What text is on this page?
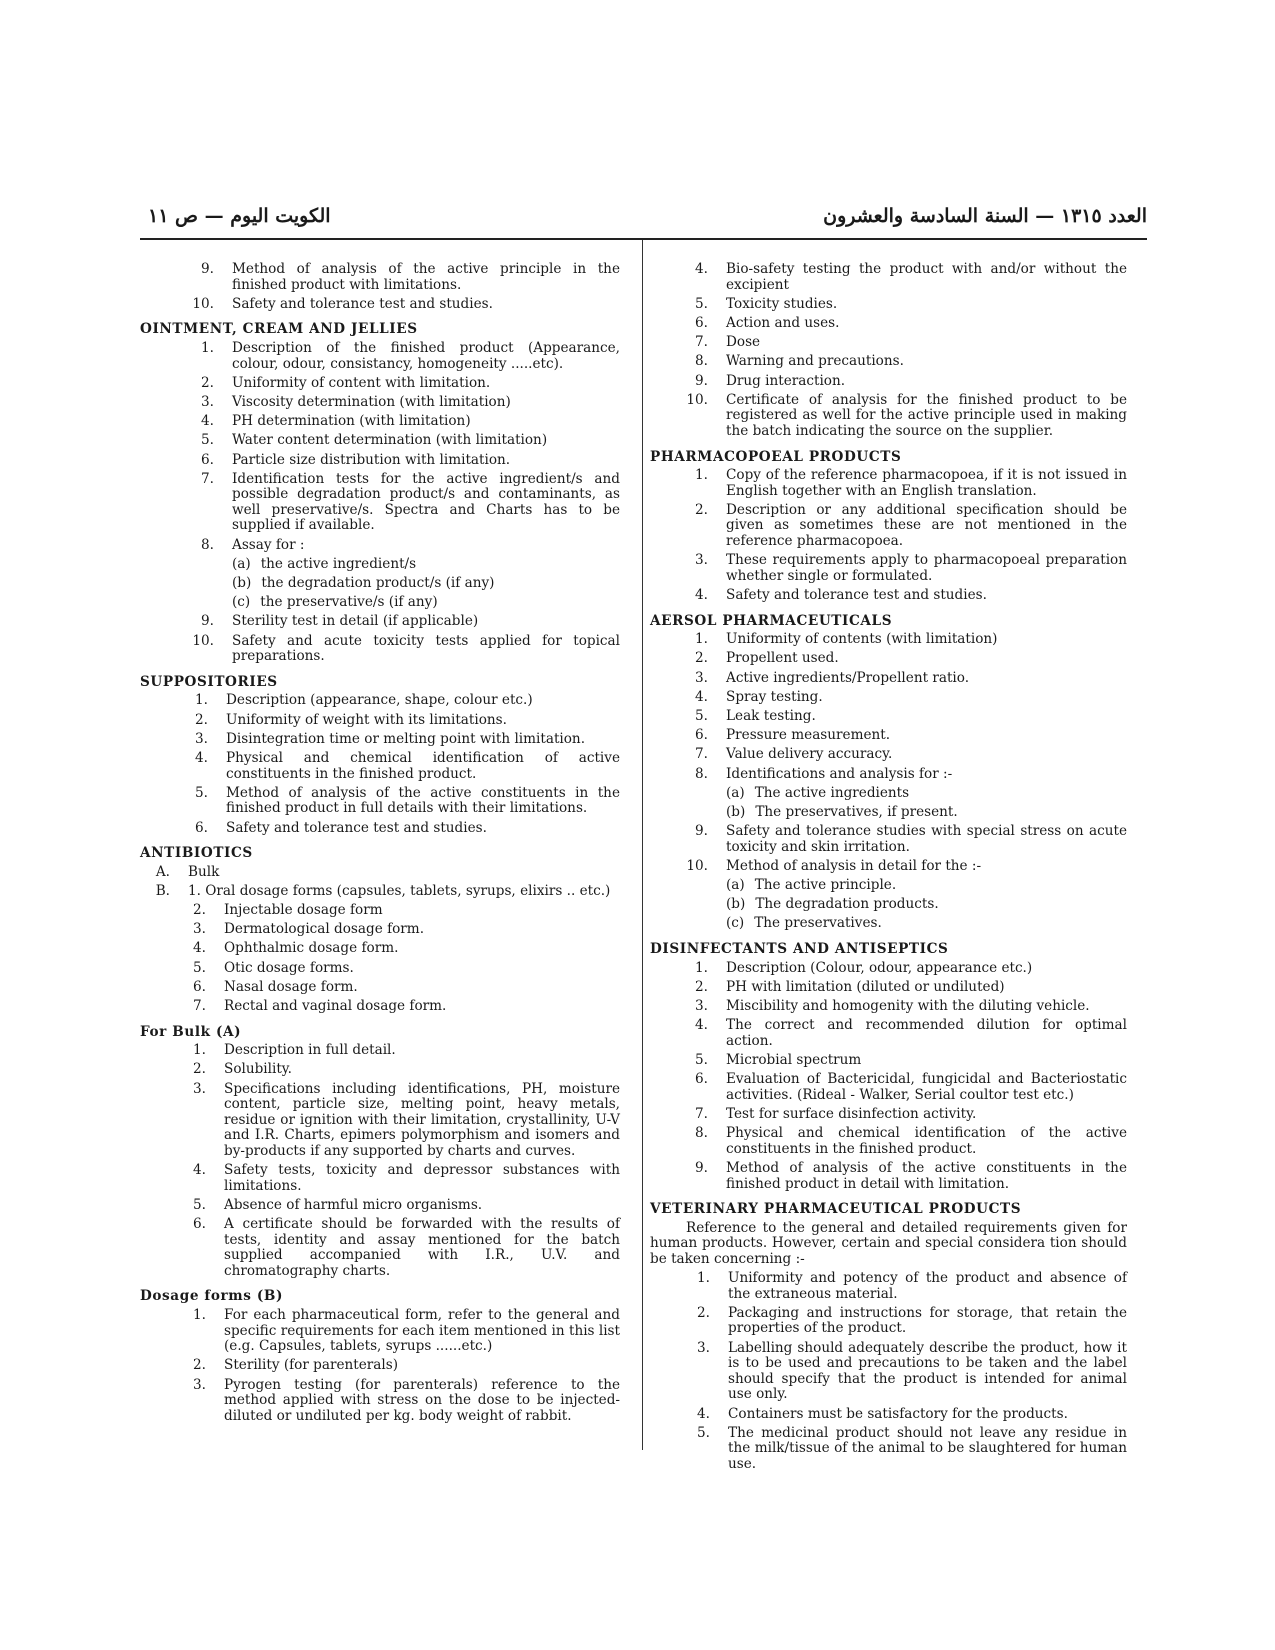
الكويت اليوم — ص ١١	العدد ١٣١٥ — السنة السادسة والعشرون
9.	Method of analysis of the active principle in the finished product with limitations.
10.	Safety and tolerance test and studies.
OINTMENT, CREAM AND JELLIES
1.	Description of the finished product (Appearance, colour, odour, consistancy, homogeneity .....etc).
2.	Uniformity of content with limitation.
3.	Viscosity determination (with limitation)
4.	PH determination (with limitation)
5.	Water content determination (with limitation)
6.	Particle size distribution with limitation.
7.	Identification tests for the active ingredient/s and possible degradation product/s and contaminants, as well preservative/s. Spectra and Charts has to be supplied if available.
8.	Assay for :
(a) the active ingredient/s
(b) the degradation product/s (if any)
(c) the preservative/s (if any)
9.	Sterility test in detail (if applicable)
10.	Safety and acute toxicity tests applied for topical preparations.
SUPPOSITORIES
1.	Description (appearance, shape, colour etc.)
2.	Uniformity of weight with its limitations.
3.	Disintegration time or melting point with limitation.
4.	Physical and chemical identification of active constituents in the finished product.
5.	Method of analysis of the active constituents in the finished product in full details with their limitations.
6.	Safety and tolerance test and studies.
ANTIBIOTICS
A.	Bulk
B.	1. Oral dosage forms (capsules, tablets, syrups, elixirs .. etc.)
2.	Injectable dosage form
3.	Dermatological dosage form.
4.	Ophthalmic dosage form.
5.	Otic dosage forms.
6.	Nasal dosage form.
7.	Rectal and vaginal dosage form.
For Bulk (A)
1.	Description in full detail.
2.	Solubility.
3.	Specifications including identifications, PH, moisture content, particle size, melting point, heavy metals, residue or ignition with their limitation, crystallinity, U-V and I.R. Charts, epimers polymorphism and isomers and by-products if any supported by charts and curves.
4.	Safety tests, toxicity and depressor substances with limitations.
5.	Absence of harmful micro organisms.
6.	A certificate should be forwarded with the results of tests, identity and assay mentioned for the batch supplied accompanied with I.R., U.V. and chromatography charts.
Dosage forms (B)
1.	For each pharmaceutical form, refer to the general and specific requirements for each item mentioned in this list (e.g. Capsules, tablets, syrups ......etc.)
2.	Sterility (for parenterals)
3.	Pyrogen testing (for parenterals) reference to the method applied with stress on the dose to be injected-diluted or undiluted per kg. body weight of rabbit.
4.	Bio-safety testing the product with and/or without the excipient
5.	Toxicity studies.
6.	Action and uses.
7.	Dose
8.	Warning and precautions.
9.	Drug interaction.
10.	Certificate of analysis for the finished product to be registered as well for the active principle used in making the batch indicating the source on the supplier.
PHARMACOPOEAL PRODUCTS
1.	Copy of the reference pharmacopoea, if it is not issued in English together with an English translation.
2.	Description or any additional specification should be given as sometimes these are not mentioned in the reference pharmacopoea.
3.	These requirements apply to pharmacopoeal preparation whether single or formulated.
4.	Safety and tolerance test and studies.
AERSOL PHARMACEUTICALS
1.	Uniformity of contents (with limitation)
2.	Propellent used.
3.	Active ingredients/Propellent ratio.
4.	Spray testing.
5.	Leak testing.
6.	Pressure measurement.
7.	Value delivery accuracy.
8.	Identifications and analysis for :-
(a) The active ingredients
(b) The preservatives, if present.
9.	Safety and tolerance studies with special stress on acute toxicity and skin irritation.
10.	Method of analysis in detail for the :-
(a) The active principle.
(b) The degradation products.
(c) The preservatives.
DISINFECTANTS AND ANTISEPTICS
1.	Description (Colour, odour, appearance etc.)
2.	PH with limitation (diluted or undiluted)
3.	Miscibility and homogenity with the diluting vehicle.
4.	The correct and recommended dilution for optimal action.
5.	Microbial spectrum
6.	Evaluation of Bactericidal, fungicidal and Bacteriostatic activities. (Rideal - Walker, Serial coultor test etc.)
7.	Test for surface disinfection activity.
8.	Physical and chemical identification of the active constituents in the finished product.
9.	Method of analysis of the active constituents in the finished product in detail with limitation.
VETERINARY PHARMACEUTICAL PRODUCTS
Reference to the general and detailed requirements given for human products. However, certain and special considera tion should be taken concerning :-
1.	Uniformity and potency of the product and absence of the extraneous material.
2.	Packaging and instructions for storage, that retain the properties of the product.
3.	Labelling should adequately describe the product, how it is to be used and precautions to be taken and the label should specify that the product is intended for animal use only.
4.	Containers must be satisfactory for the products.
5.	The medicinal product should not leave any residue in the milk/tissue of the animal to be slaughtered for human use.
